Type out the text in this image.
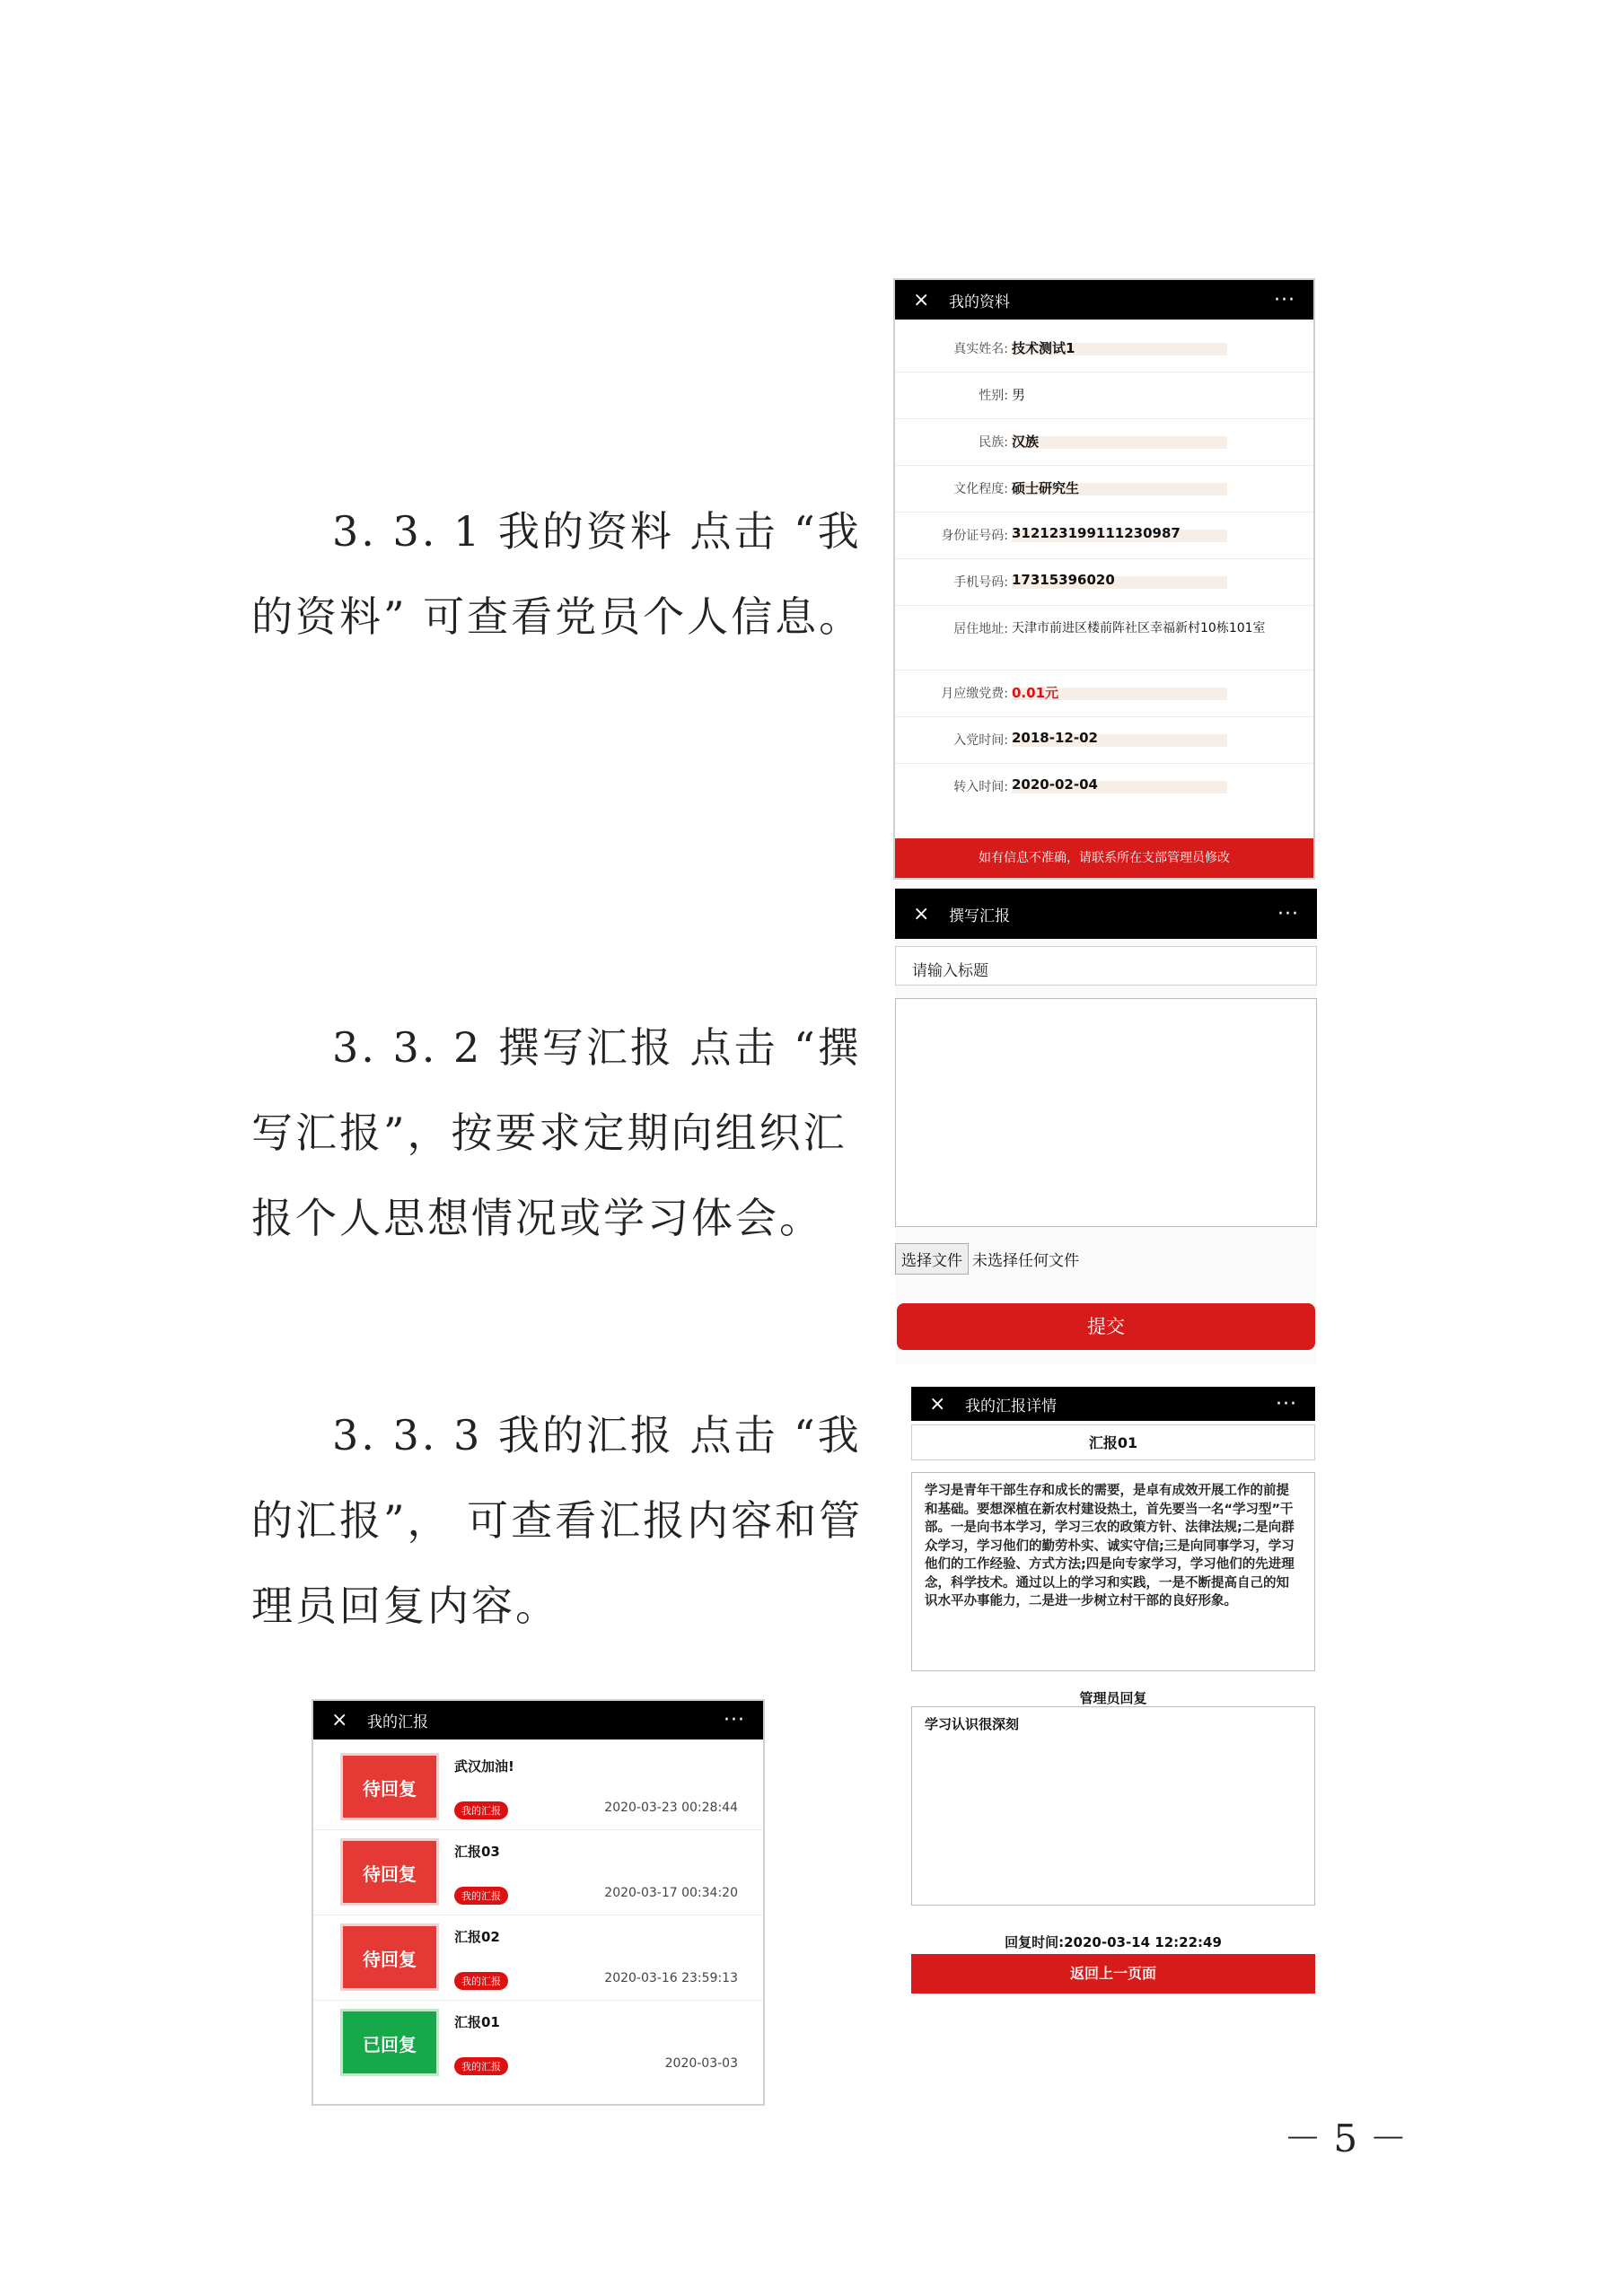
3. 3. 1 我的资料 点击 “我
的资料” 可查看党员个人信息。
3. 3. 2 撰写汇报 点击 “撰
写汇报”，按要求定期向组织汇
报个人思想情况或学习体会。
3. 3. 3 我的汇报 点击 “我
的汇报”， 可查看汇报内容和管
理员回复内容。
×	我的资料	···
真实姓名: 技术测试1
性别: 男
民族: 汉族
文化程度: 硕士研究生
身份证号码: 312123199111230987
手机号码: 17315396020
居住地址: 天津市前进区楼前阵社区幸福新村10栋101室
月应缴党费: 0.01元
入党时间: 2018-12-02
转入时间: 2020-02-04
如有信息不准确，请联系所在支部管理员修改
×	撰写汇报	···
请输入标题
选择文件 未选择任何文件
提交
×	我的汇报详情	···
汇报01
学习是青年干部生存和成长的需要，是卓有成效开展工作的前提和基础。要想深植在新农村建设热土，首先要当一名“学习型”干部。一是向书本学习，学习三农的政策方针、法律法规;二是向群众学习，学习他们的勤劳朴实、诚实守信;三是向同事学习，学习他们的工作经验、方式方法;四是向专家学习，学习他们的先进理念，科学技术。通过以上的学习和实践，一是不断提高自己的知识水平办事能力，二是进一步树立村干部的良好形象。
管理员回复
学习认识很深刻
回复时间:2020-03-14 12:22:49
返回上一页面
×	我的汇报	···
待回复
武汉加油!
我的汇报	2020-03-23 00:28:44
待回复
汇报03
我的汇报	2020-03-17 00:34:20
待回复
汇报02
我的汇报	2020-03-16 23:59:13
已回复
汇报01
我的汇报	2020-03-03
－ 5 －
